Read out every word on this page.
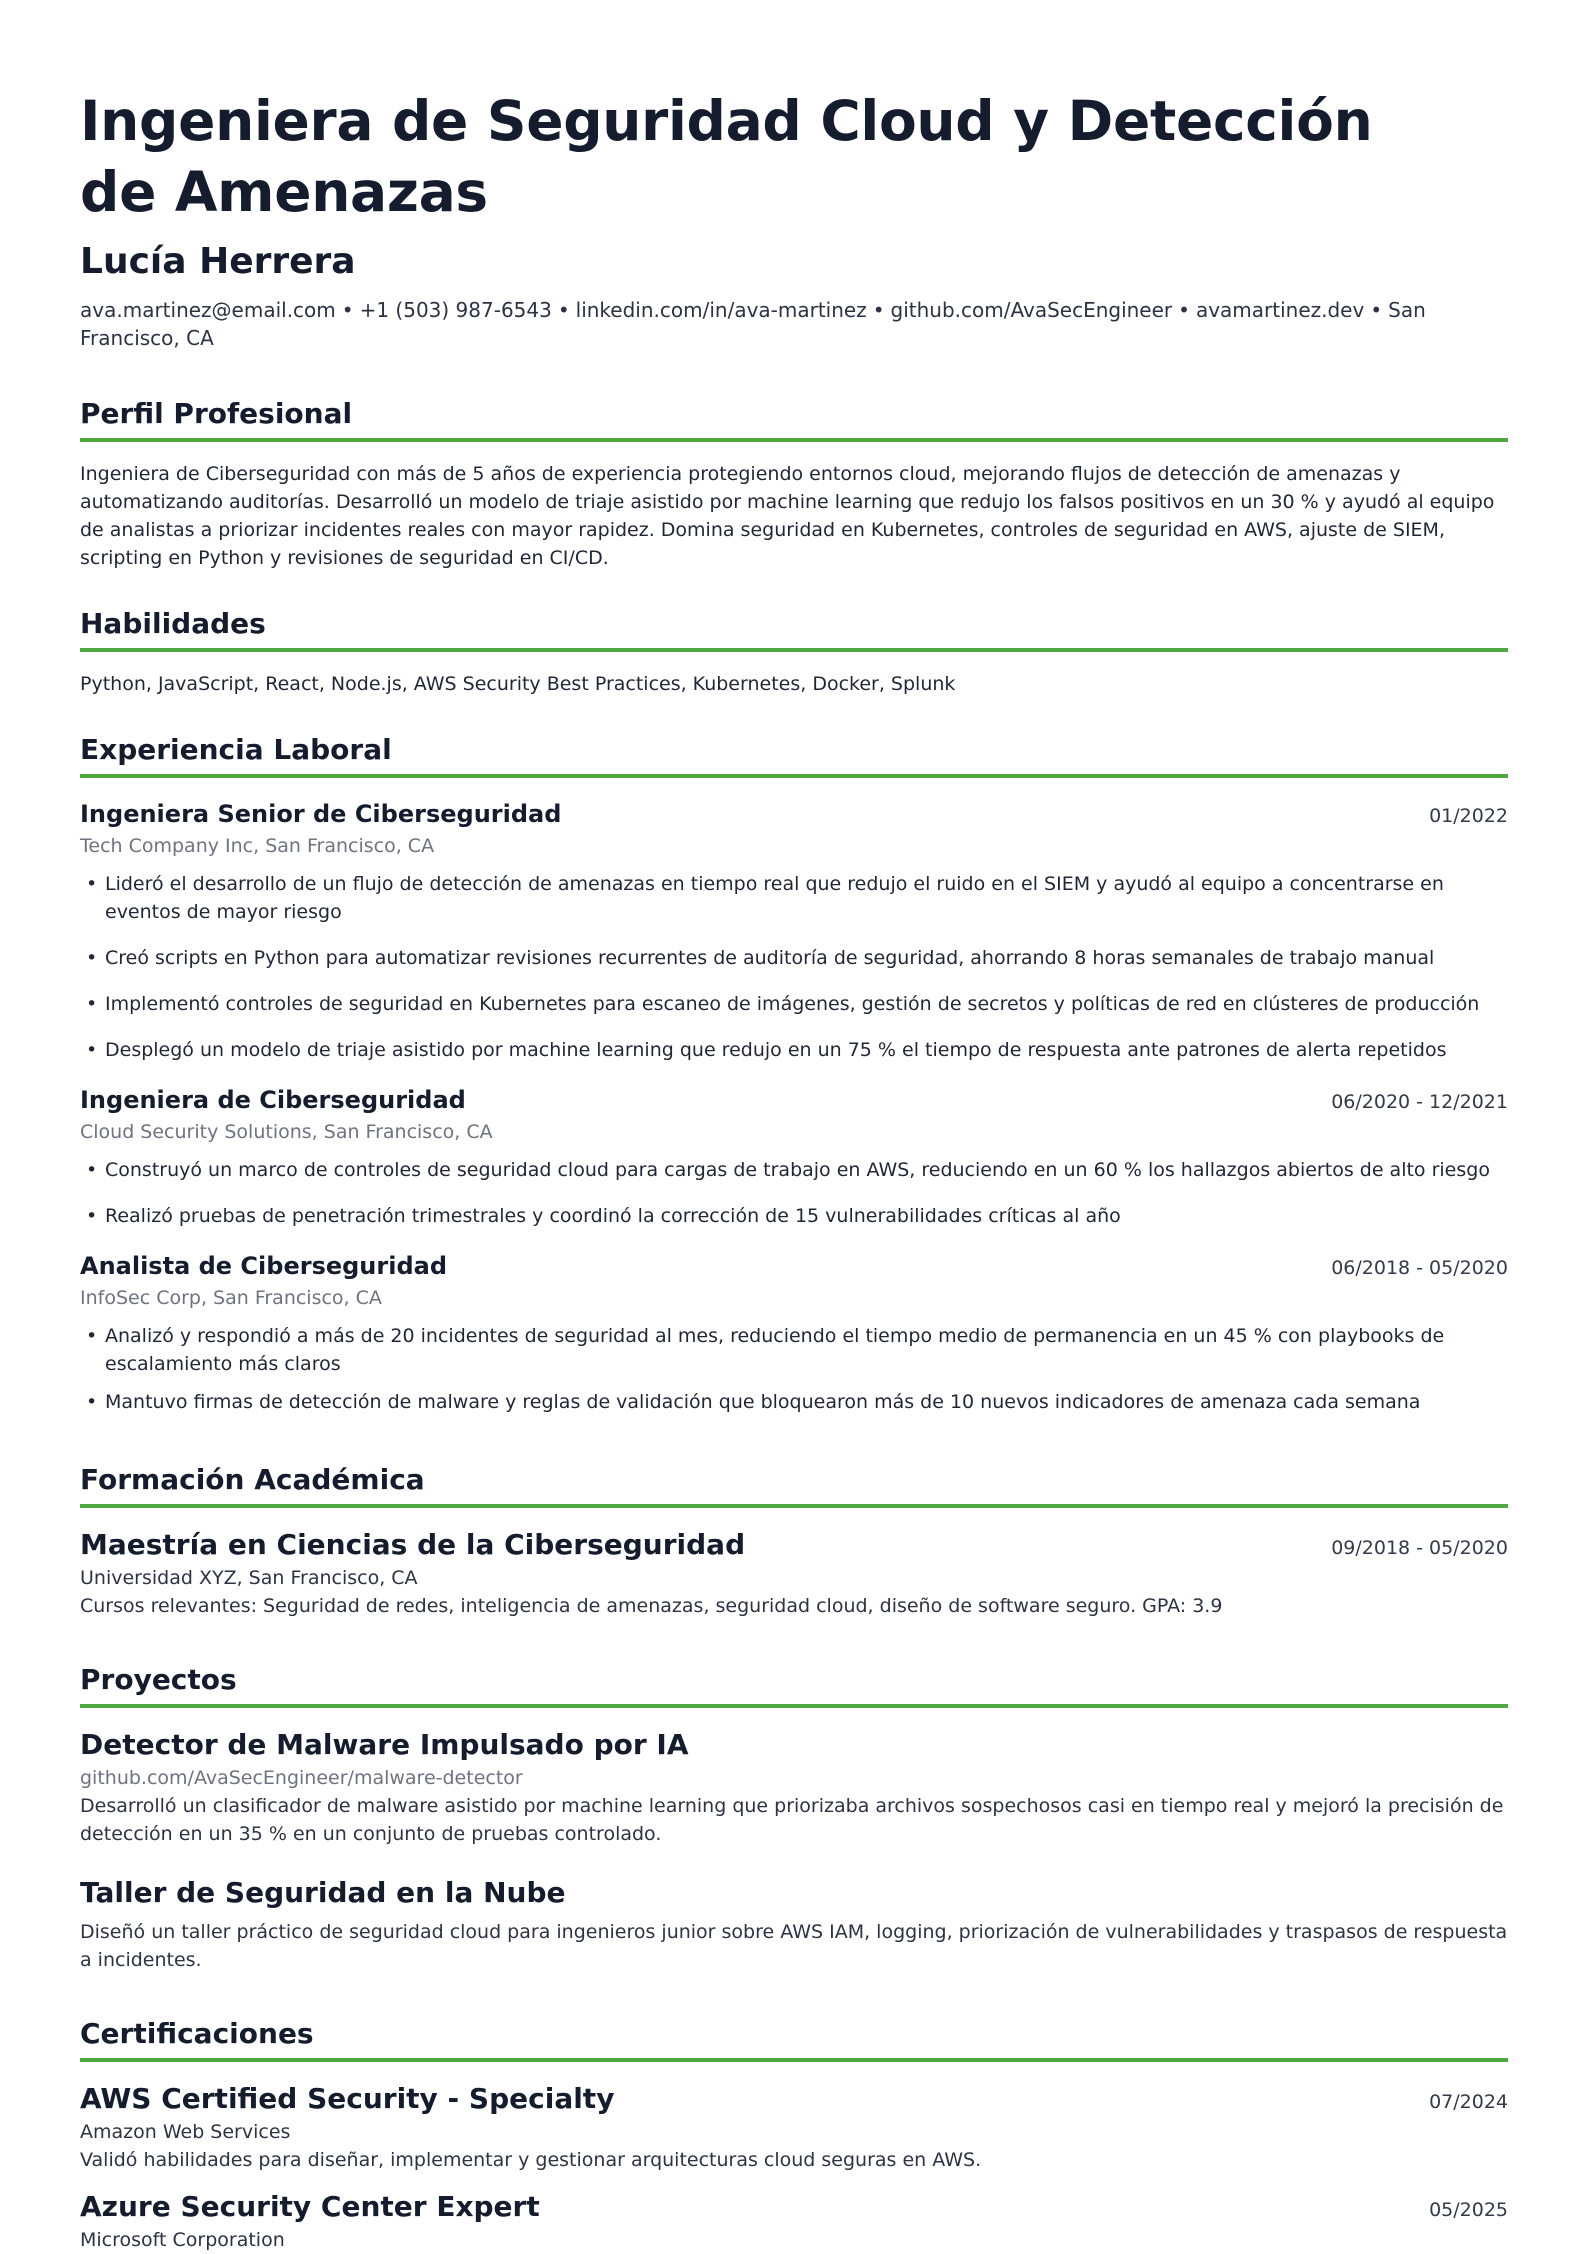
Ingeniera de Seguridad Cloud y Detección de Amenazas
Lucía Herrera
ava.martinez@email.com • +1 (503) 987-6543 • linkedin.com/in/ava-martinez • github.com/AvaSecEngineer • avamartinez.dev • San Francisco, CA
Perfil Profesional
Ingeniera de Ciberseguridad con más de 5 años de experiencia protegiendo entornos cloud, mejorando flujos de detección de amenazas y automatizando auditorías. Desarrolló un modelo de triaje asistido por machine learning que redujo los falsos positivos en un 30 % y ayudó al equipo de analistas a priorizar incidentes reales con mayor rapidez. Domina seguridad en Kubernetes, controles de seguridad en AWS, ajuste de SIEM, scripting en Python y revisiones de seguridad en CI/CD.
Habilidades
Python, JavaScript, React, Node.js, AWS Security Best Practices, Kubernetes, Docker, Splunk
Experiencia Laboral
Ingeniera Senior de Ciberseguridad	01/2022
Tech Company Inc, San Francisco, CA
• Lideró el desarrollo de un flujo de detección de amenazas en tiempo real que redujo el ruido en el SIEM y ayudó al equipo a concentrarse en eventos de mayor riesgo
• Creó scripts en Python para automatizar revisiones recurrentes de auditoría de seguridad, ahorrando 8 horas semanales de trabajo manual
• Implementó controles de seguridad en Kubernetes para escaneo de imágenes, gestión de secretos y políticas de red en clústeres de producción
• Desplegó un modelo de triaje asistido por machine learning que redujo en un 75 % el tiempo de respuesta ante patrones de alerta repetidos
Ingeniera de Ciberseguridad	06/2020 - 12/2021
Cloud Security Solutions, San Francisco, CA
• Construyó un marco de controles de seguridad cloud para cargas de trabajo en AWS, reduciendo en un 60 % los hallazgos abiertos de alto riesgo
• Realizó pruebas de penetración trimestrales y coordinó la corrección de 15 vulnerabilidades críticas al año
Analista de Ciberseguridad	06/2018 - 05/2020
InfoSec Corp, San Francisco, CA
• Analizó y respondió a más de 20 incidentes de seguridad al mes, reduciendo el tiempo medio de permanencia en un 45 % con playbooks de escalamiento más claros
• Mantuvo firmas de detección de malware y reglas de validación que bloquearon más de 10 nuevos indicadores de amenaza cada semana
Formación Académica
Maestría en Ciencias de la Ciberseguridad	09/2018 - 05/2020
Universidad XYZ, San Francisco, CA
Cursos relevantes: Seguridad de redes, inteligencia de amenazas, seguridad cloud, diseño de software seguro. GPA: 3.9
Proyectos
Detector de Malware Impulsado por IA
github.com/AvaSecEngineer/malware-detector
Desarrolló un clasificador de malware asistido por machine learning que priorizaba archivos sospechosos casi en tiempo real y mejoró la precisión de detección en un 35 % en un conjunto de pruebas controlado.
Taller de Seguridad en la Nube
Diseñó un taller práctico de seguridad cloud para ingenieros junior sobre AWS IAM, logging, priorización de vulnerabilidades y traspasos de respuesta a incidentes.
Certificaciones
AWS Certified Security - Specialty	07/2024
Amazon Web Services
Validó habilidades para diseñar, implementar y gestionar arquitecturas cloud seguras en AWS.
Azure Security Center Expert	05/2025
Microsoft Corporation
